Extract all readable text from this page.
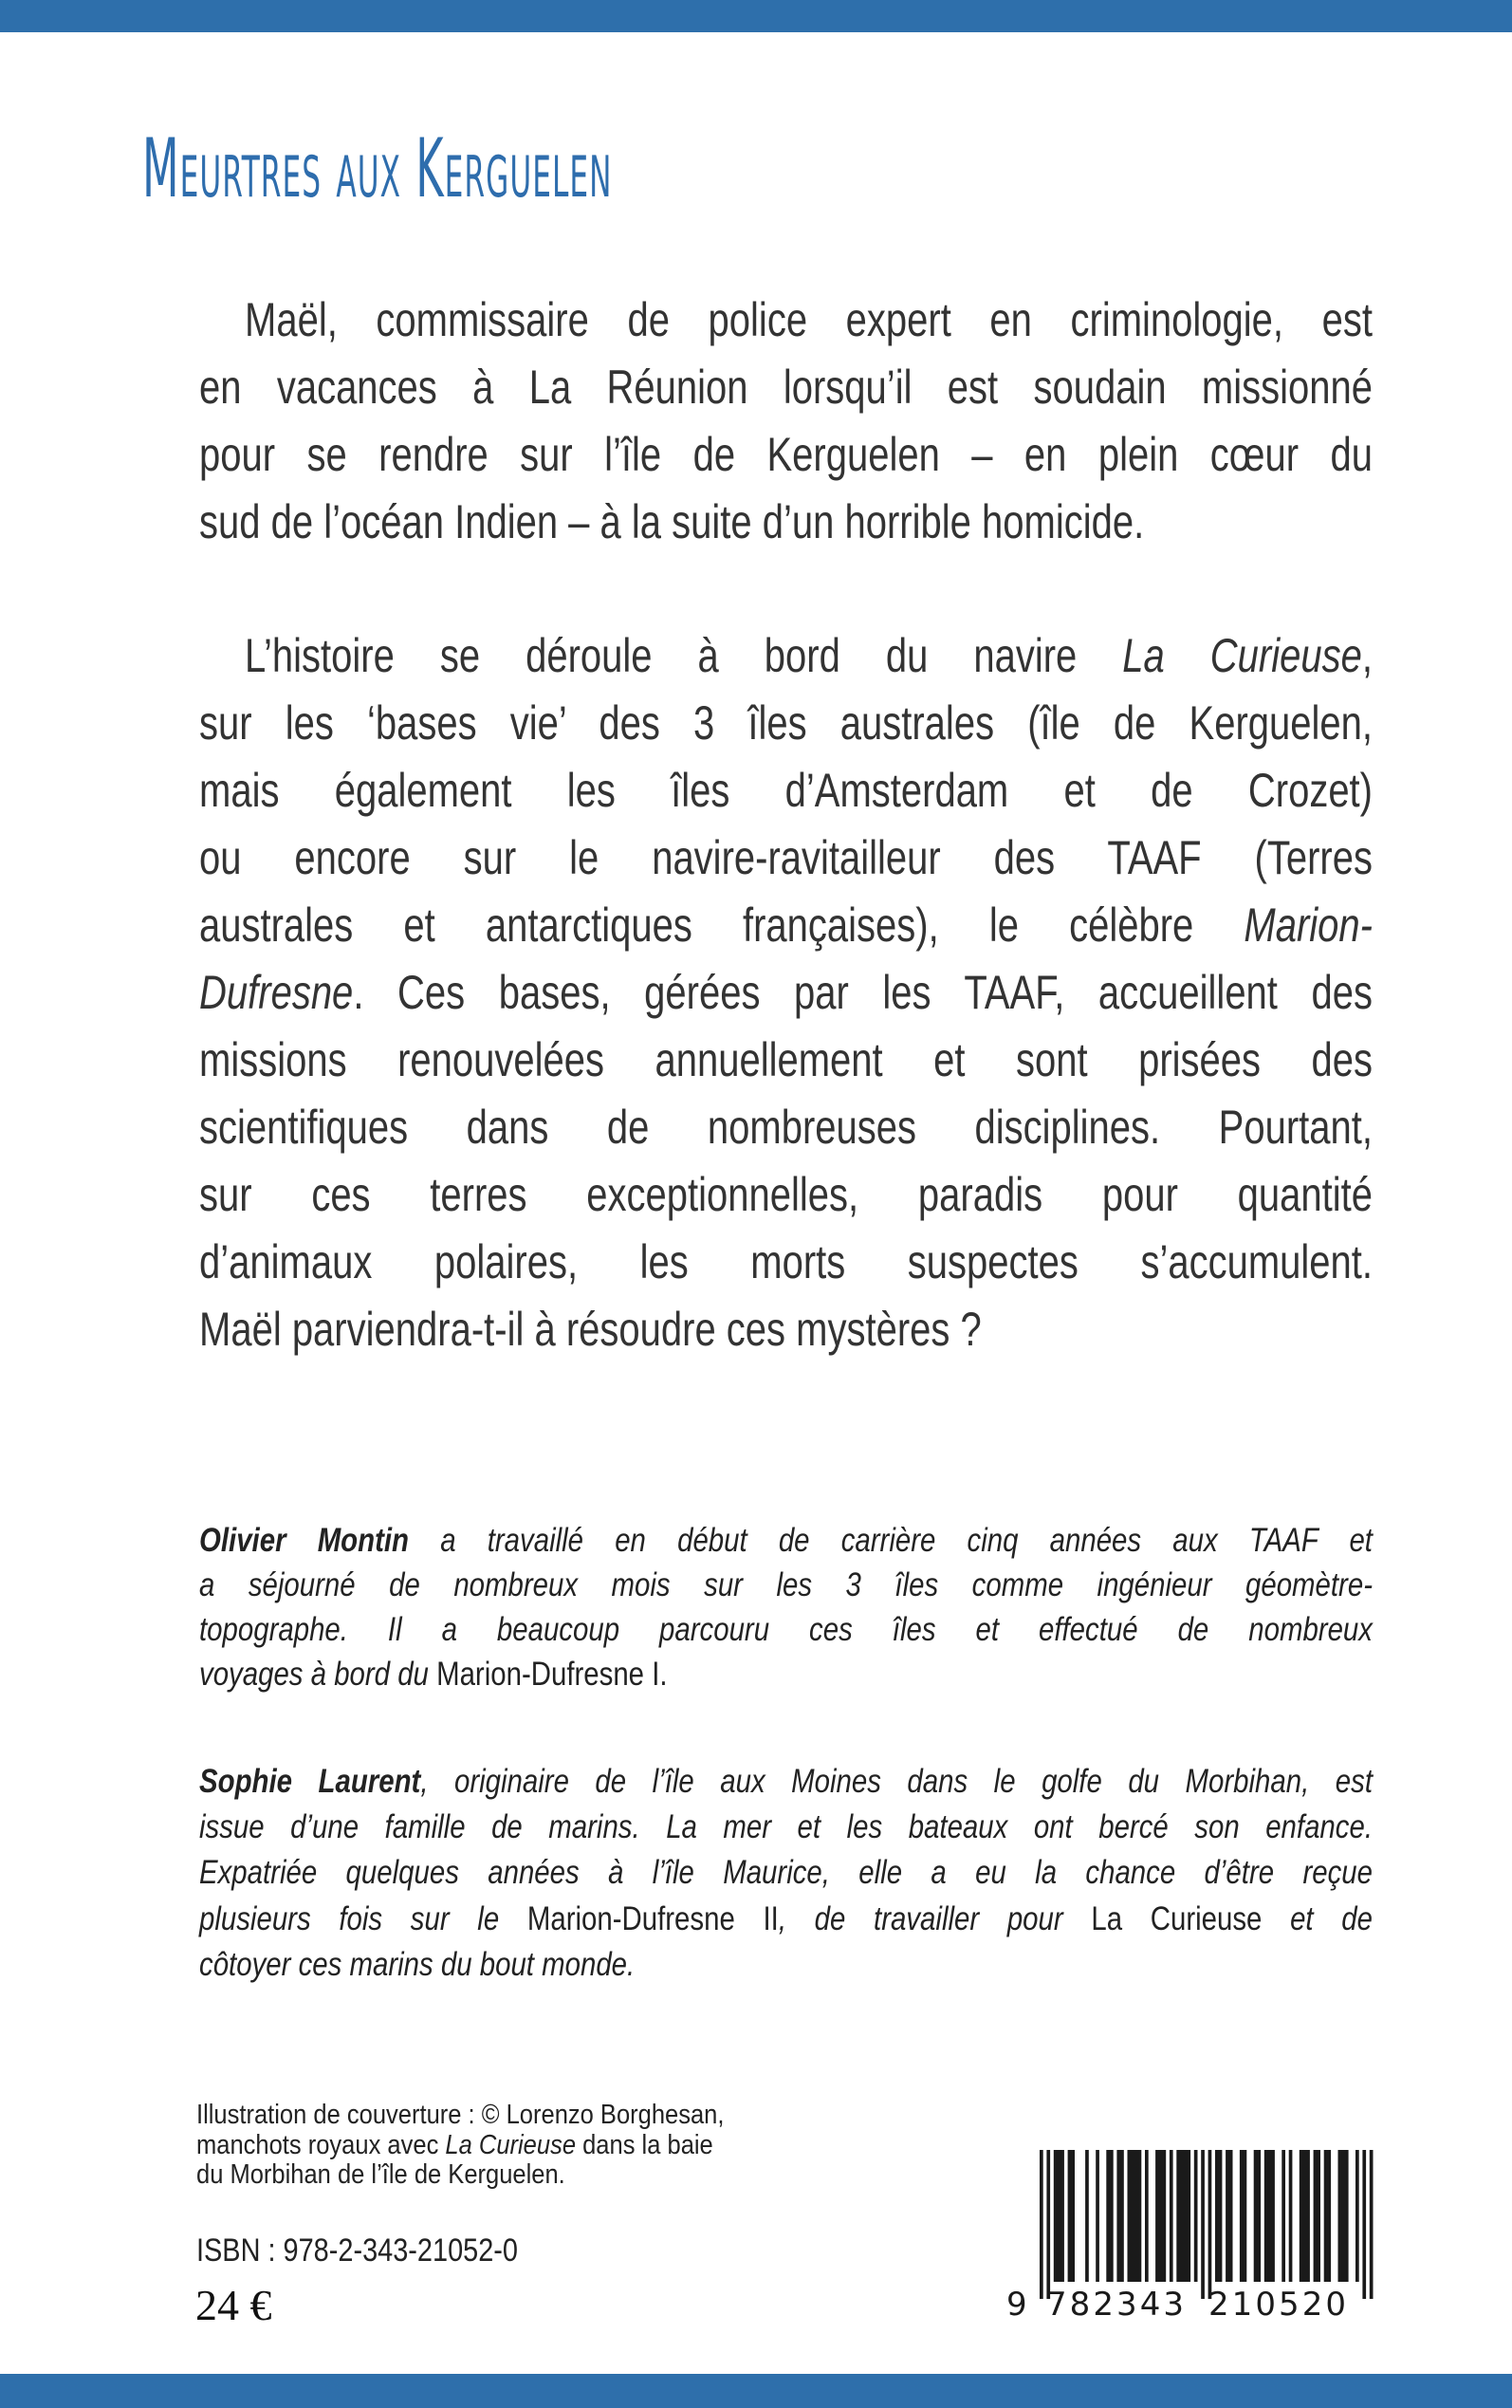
Meurtres aux Kerguelen
Maël, commissaire de police expert en criminologie, est
en vacances à La Réunion lorsqu’il est soudain missionné
pour se rendre sur l’île de Kerguelen – en plein cœur du
sud de l’océan Indien – à la suite d’un horrible homicide.
L’histoire se déroule à bord du navire La Curieuse,
sur les ‘bases vie’ des 3 îles australes (île de Kerguelen,
mais également les îles d’Amsterdam et de Crozet)
ou encore sur le navire-ravitailleur des TAAF (Terres
australes et antarctiques françaises), le célèbre Marion-
Dufresne. Ces bases, gérées par les TAAF, accueillent des
missions renouvelées annuellement et sont prisées des
scientifiques dans de nombreuses disciplines. Pourtant,
sur ces terres exceptionnelles, paradis pour quantité
d’animaux polaires, les morts suspectes s’accumulent.
Maël parviendra-t-il à résoudre ces mystères ?
Olivier Montin a travaillé en début de carrière cinq années aux TAAF et
a séjourné de nombreux mois sur les 3 îles comme ingénieur géomètre-
topographe. Il a beaucoup parcouru ces îles et effectué de nombreux
voyages à bord du Marion-Dufresne I.
Sophie Laurent, originaire de l’île aux Moines dans le golfe du Morbihan, est
issue d’une famille de marins. La mer et les bateaux ont bercé son enfance.
Expatriée quelques années à l’île Maurice, elle a eu la chance d’être reçue
plusieurs fois sur le Marion-Dufresne II, de travailler pour La Curieuse et de
côtoyer ces marins du bout monde.
Illustration de couverture : © Lorenzo Borghesan,
manchots royaux avec La Curieuse dans la baie
du Morbihan de l’île de Kerguelen.
ISBN : 978-2-343-21052-0
24 €	9 782343 210520
